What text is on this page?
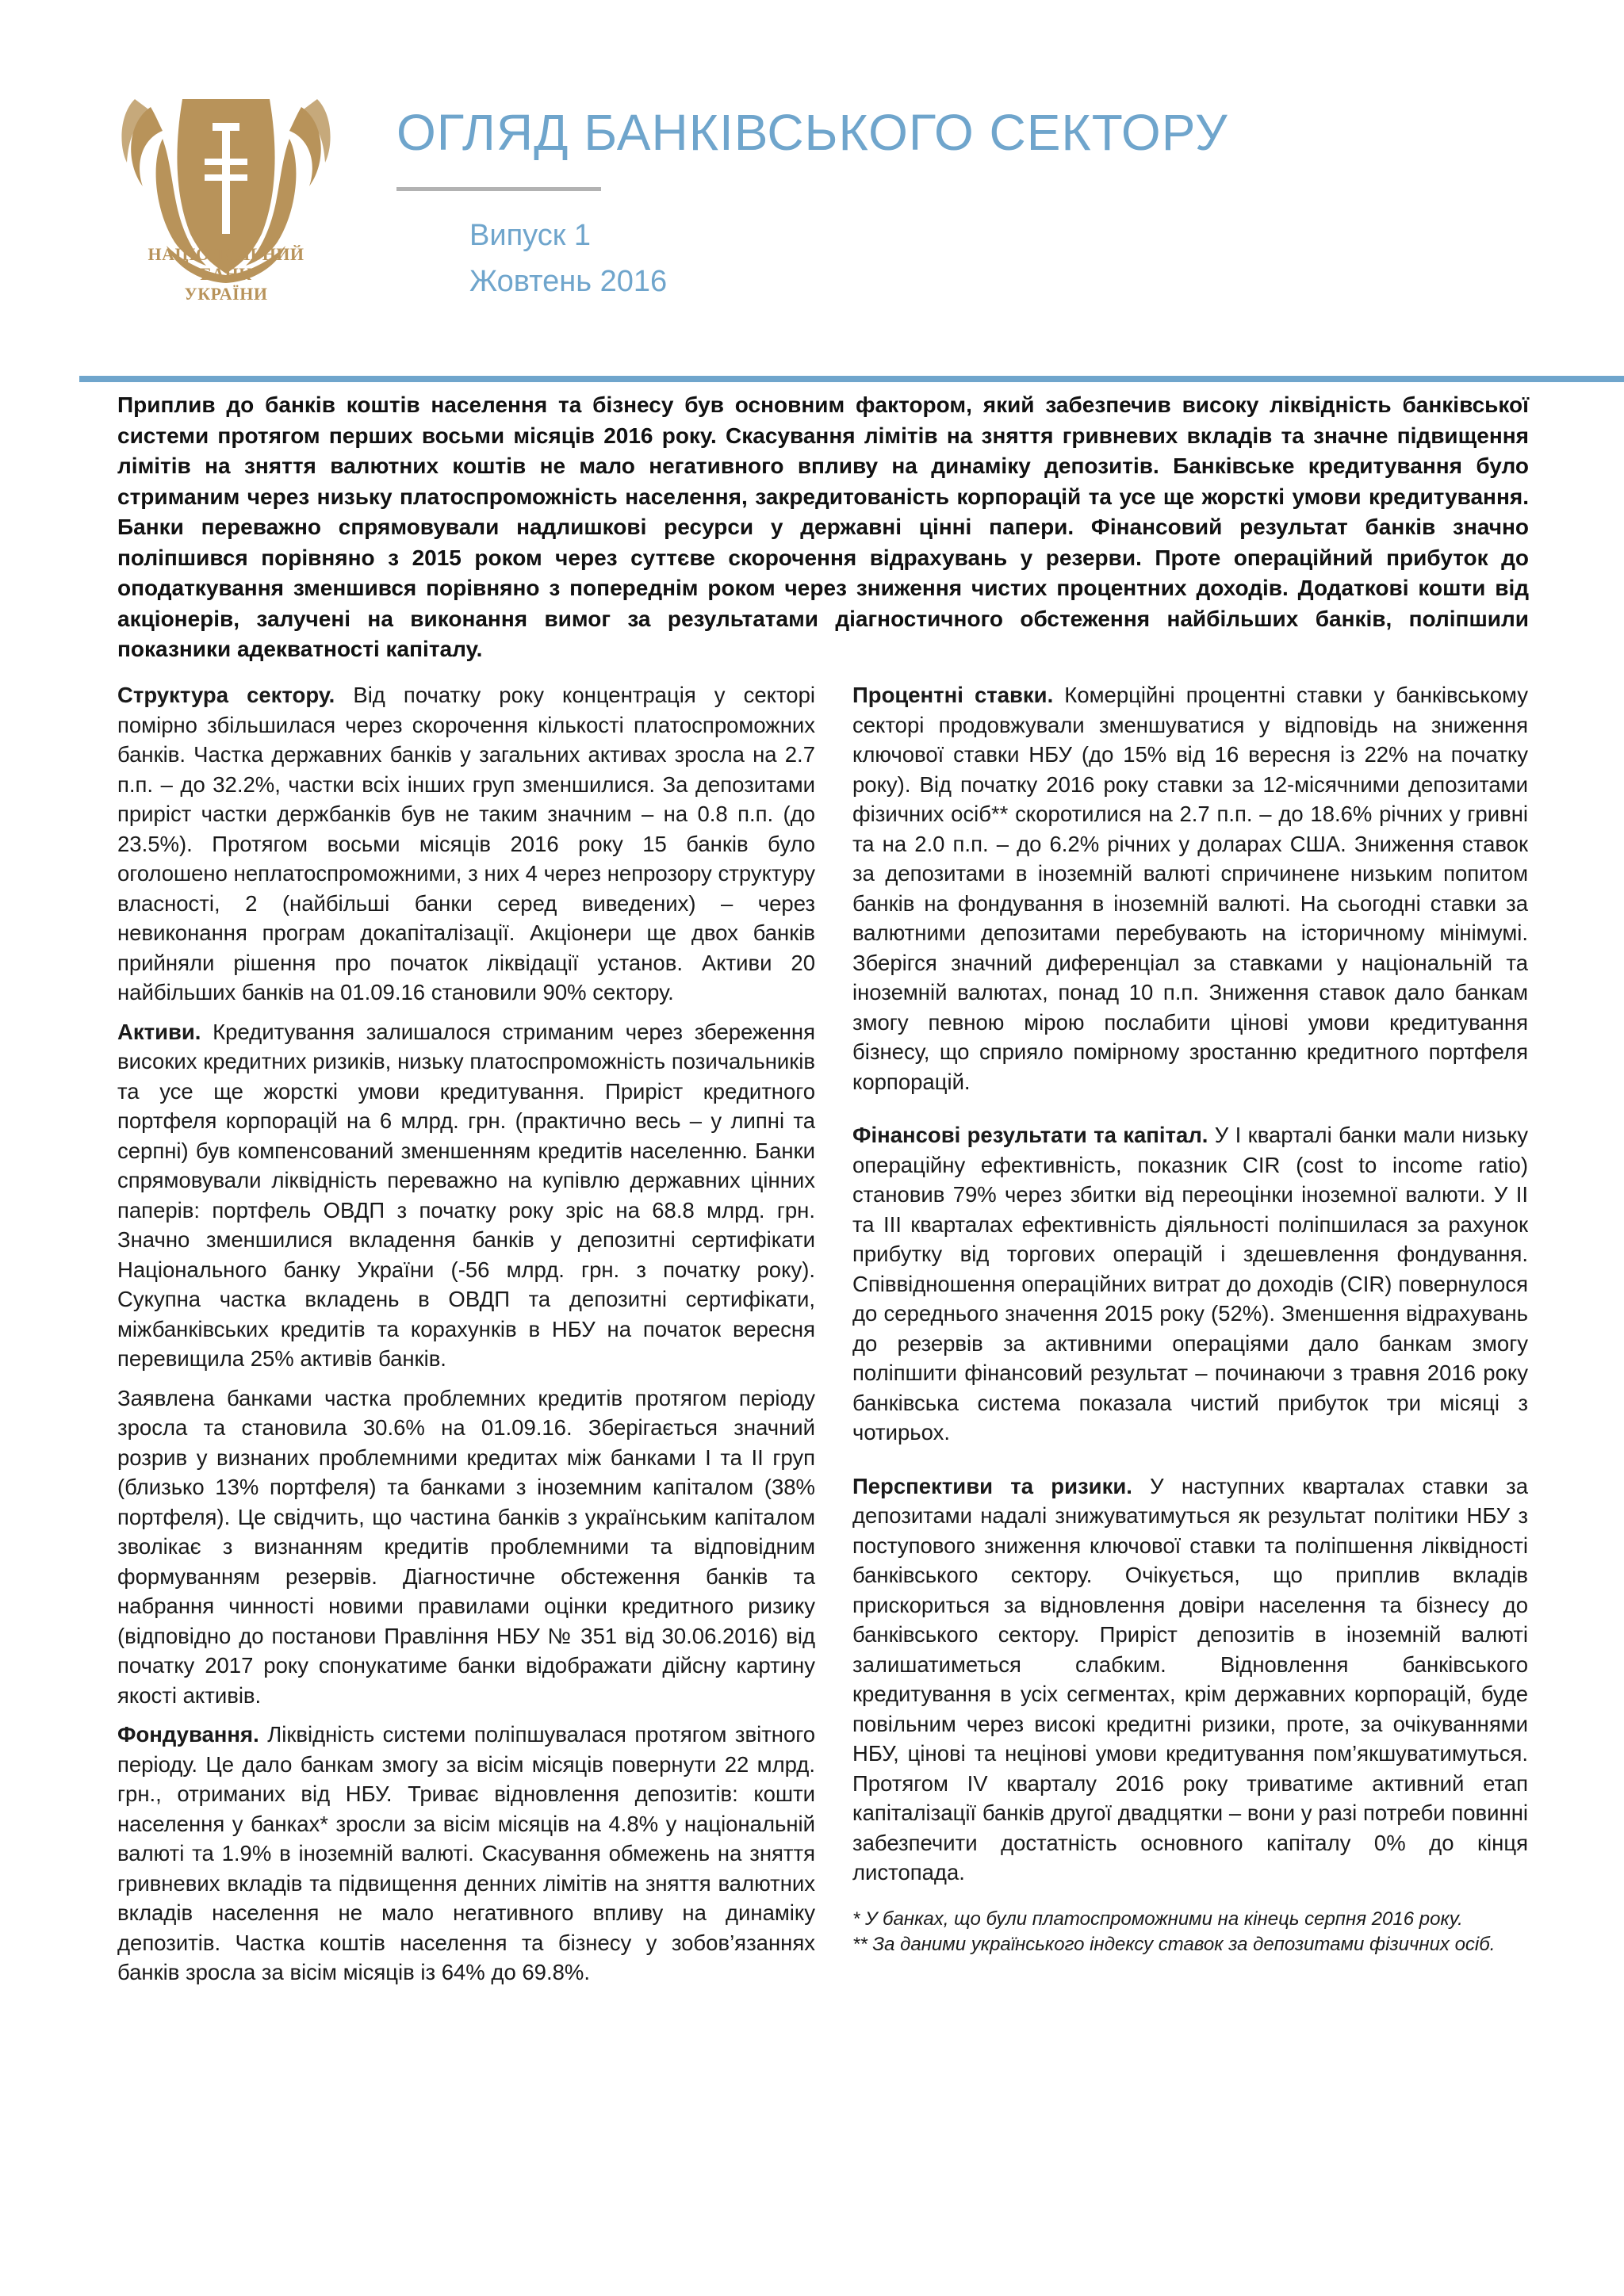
НАЦІОНАЛЬНИЙ
БАНК
УКРАЇНИ
ОГЛЯД БАНКІВСЬКОГО СЕКТОРУ
Випуск 1
Жовтень 2016
Приплив до банків коштів населення та бізнесу був основним фактором, який забезпечив високу ліквідність банківської системи протягом перших восьми місяців 2016 року. Скасування лімітів на зняття гривневих вкладів та значне підвищення лімітів на зняття валютних коштів не мало негативного впливу на динаміку депозитів. Банківське кредитування було стриманим через низьку платоспроможність населення, закредитованість корпорацій та усе ще жорсткі умови кредитування. Банки переважно спрямовували надлишкові ресурси у державні цінні папери. Фінансовий результат банків значно поліпшився порівняно з 2015 роком через суттєве скорочення відрахувань у резерви. Проте операційний прибуток до оподаткування зменшився порівняно з попереднім роком через зниження чистих процентних доходів. Додаткові кошти від акціонерів, залучені на виконання вимог за результатами діагностичного обстеження найбільших банків, поліпшили показники адекватності капіталу.

Структура сектору. Від початку року концентрація у секторі помірно збільшилася через скорочення кількості платоспроможних банків. Частка державних банків у загальних активах зросла на 2.7 п.п. – до 32.2%, частки всіх інших груп зменшилися. За депозитами приріст частки держбанків був не таким значним – на 0.8 п.п. (до 23.5%). Протягом восьми місяців 2016 року 15 банків було оголошено неплатоспроможними, з них 4 через непрозору структуру власності, 2 (найбільші банки серед виведених) – через невиконання програм докапіталізації. Акціонери ще двох банків прийняли рішення про початок ліквідації установ. Активи 20 найбільших банків на 01.09.16 становили 90% сектору.

Активи. Кредитування залишалося стриманим через збереження високих кредитних ризиків, низьку платоспроможність позичальників та усе ще жорсткі умови кредитування. Приріст кредитного портфеля корпорацій на 6 млрд. грн. (практично весь – у липні та серпні) був компенсований зменшенням кредитів населенню. Банки спрямовували ліквідність переважно на купівлю державних цінних паперів: портфель ОВДП з початку року зріс на 68.8 млрд. грн. Значно зменшилися вкладення банків у депозитні сертифікати Національного банку України (-56 млрд. грн. з початку року). Сукупна частка вкладень в ОВДП та депозитні сертифікати, міжбанківських кредитів та корахунків в НБУ на початок вересня перевищила 25% активів банків.

Заявлена банками частка проблемних кредитів протягом періоду зросла та становила 30.6% на 01.09.16. Зберігається значний розрив у визнаних проблемними кредитах між банками І та ІІ груп (близько 13% портфеля) та банками з іноземним капіталом (38% портфеля). Це свідчить, що частина банків з українським капіталом зволікає з визнанням кредитів проблемними та відповідним формуванням резервів. Діагностичне обстеження банків та набрання чинності новими правилами оцінки кредитного ризику (відповідно до постанови Правління НБУ № 351 від 30.06.2016) від початку 2017 року спонукатиме банки відображати дійсну картину якості активів.

Фондування. Ліквідність системи поліпшувалася протягом звітного періоду. Це дало банкам змогу за вісім місяців повернути 22 млрд. грн., отриманих від НБУ. Триває відновлення депозитів: кошти населення у банках* зросли за вісім місяців на 4.8% у національній валюті та 1.9% в іноземній валюті. Скасування обмежень на зняття гривневих вкладів та підвищення денних лімітів на зняття валютних вкладів населення не мало негативного впливу на динаміку депозитів. Частка коштів населення та бізнесу у зобов’язаннях банків зросла за вісім місяців із 64% до 69.8%.

Процентні ставки. Комерційні процентні ставки у банківському секторі продовжували зменшуватися у відповідь на зниження ключової ставки НБУ (до 15% від 16 вересня із 22% на початку року). Від початку 2016 року ставки за 12-місячними депозитами фізичних осіб** скоротилися на 2.7 п.п. – до 18.6% річних у гривні та на 2.0 п.п. – до 6.2% річних у доларах США. Зниження ставок за депозитами в іноземній валюті спричинене низьким попитом банків на фондування в іноземній валюті. На сьогодні ставки за валютними депозитами перебувають на історичному мінімумі. Зберігся значний диференціал за ставками у національній та іноземній валютах, понад 10 п.п. Зниження ставок дало банкам змогу певною мірою послабити цінові умови кредитування бізнесу, що сприяло помірному зростанню кредитного портфеля корпорацій.

Фінансові результати та капітал. У І кварталі банки мали низьку операційну ефективність, показник CIR (cost to income ratio) становив 79% через збитки від переоцінки іноземної валюти. У ІІ та ІІІ кварталах ефективність діяльності поліпшилася за рахунок прибутку від торгових операцій і здешевлення фондування. Співвідношення операційних витрат до доходів (CIR) повернулося до середнього значення 2015 року (52%). Зменшення відрахувань до резервів за активними операціями дало банкам змогу поліпшити фінансовий результат – починаючи з травня 2016 року банківська система показала чистий прибуток три місяці з чотирьох.

Перспективи та ризики. У наступних кварталах ставки за депозитами надалі знижуватимуться як результат політики НБУ з поступового зниження ключової ставки та поліпшення ліквідності банківського сектору. Очікується, що приплив вкладів прискориться за відновлення довіри населення та бізнесу до банківського сектору. Приріст депозитів в іноземній валюті залишатиметься слабким. Відновлення банківського кредитування в усіх сегментах, крім державних корпорацій, буде повільним через високі кредитні ризики, проте, за очікуваннями НБУ, цінові та нецінові умови кредитування пом’якшуватимуться. Протягом IV кварталу 2016 року триватиме активний етап капіталізації банків другої двадцятки – вони у разі потреби повинні забезпечити достатність основного капіталу 0% до кінця листопада.

* У банках, що були платоспроможними на кінець серпня 2016 року.
** За даними українського індексу ставок за депозитами фізичних осіб.
